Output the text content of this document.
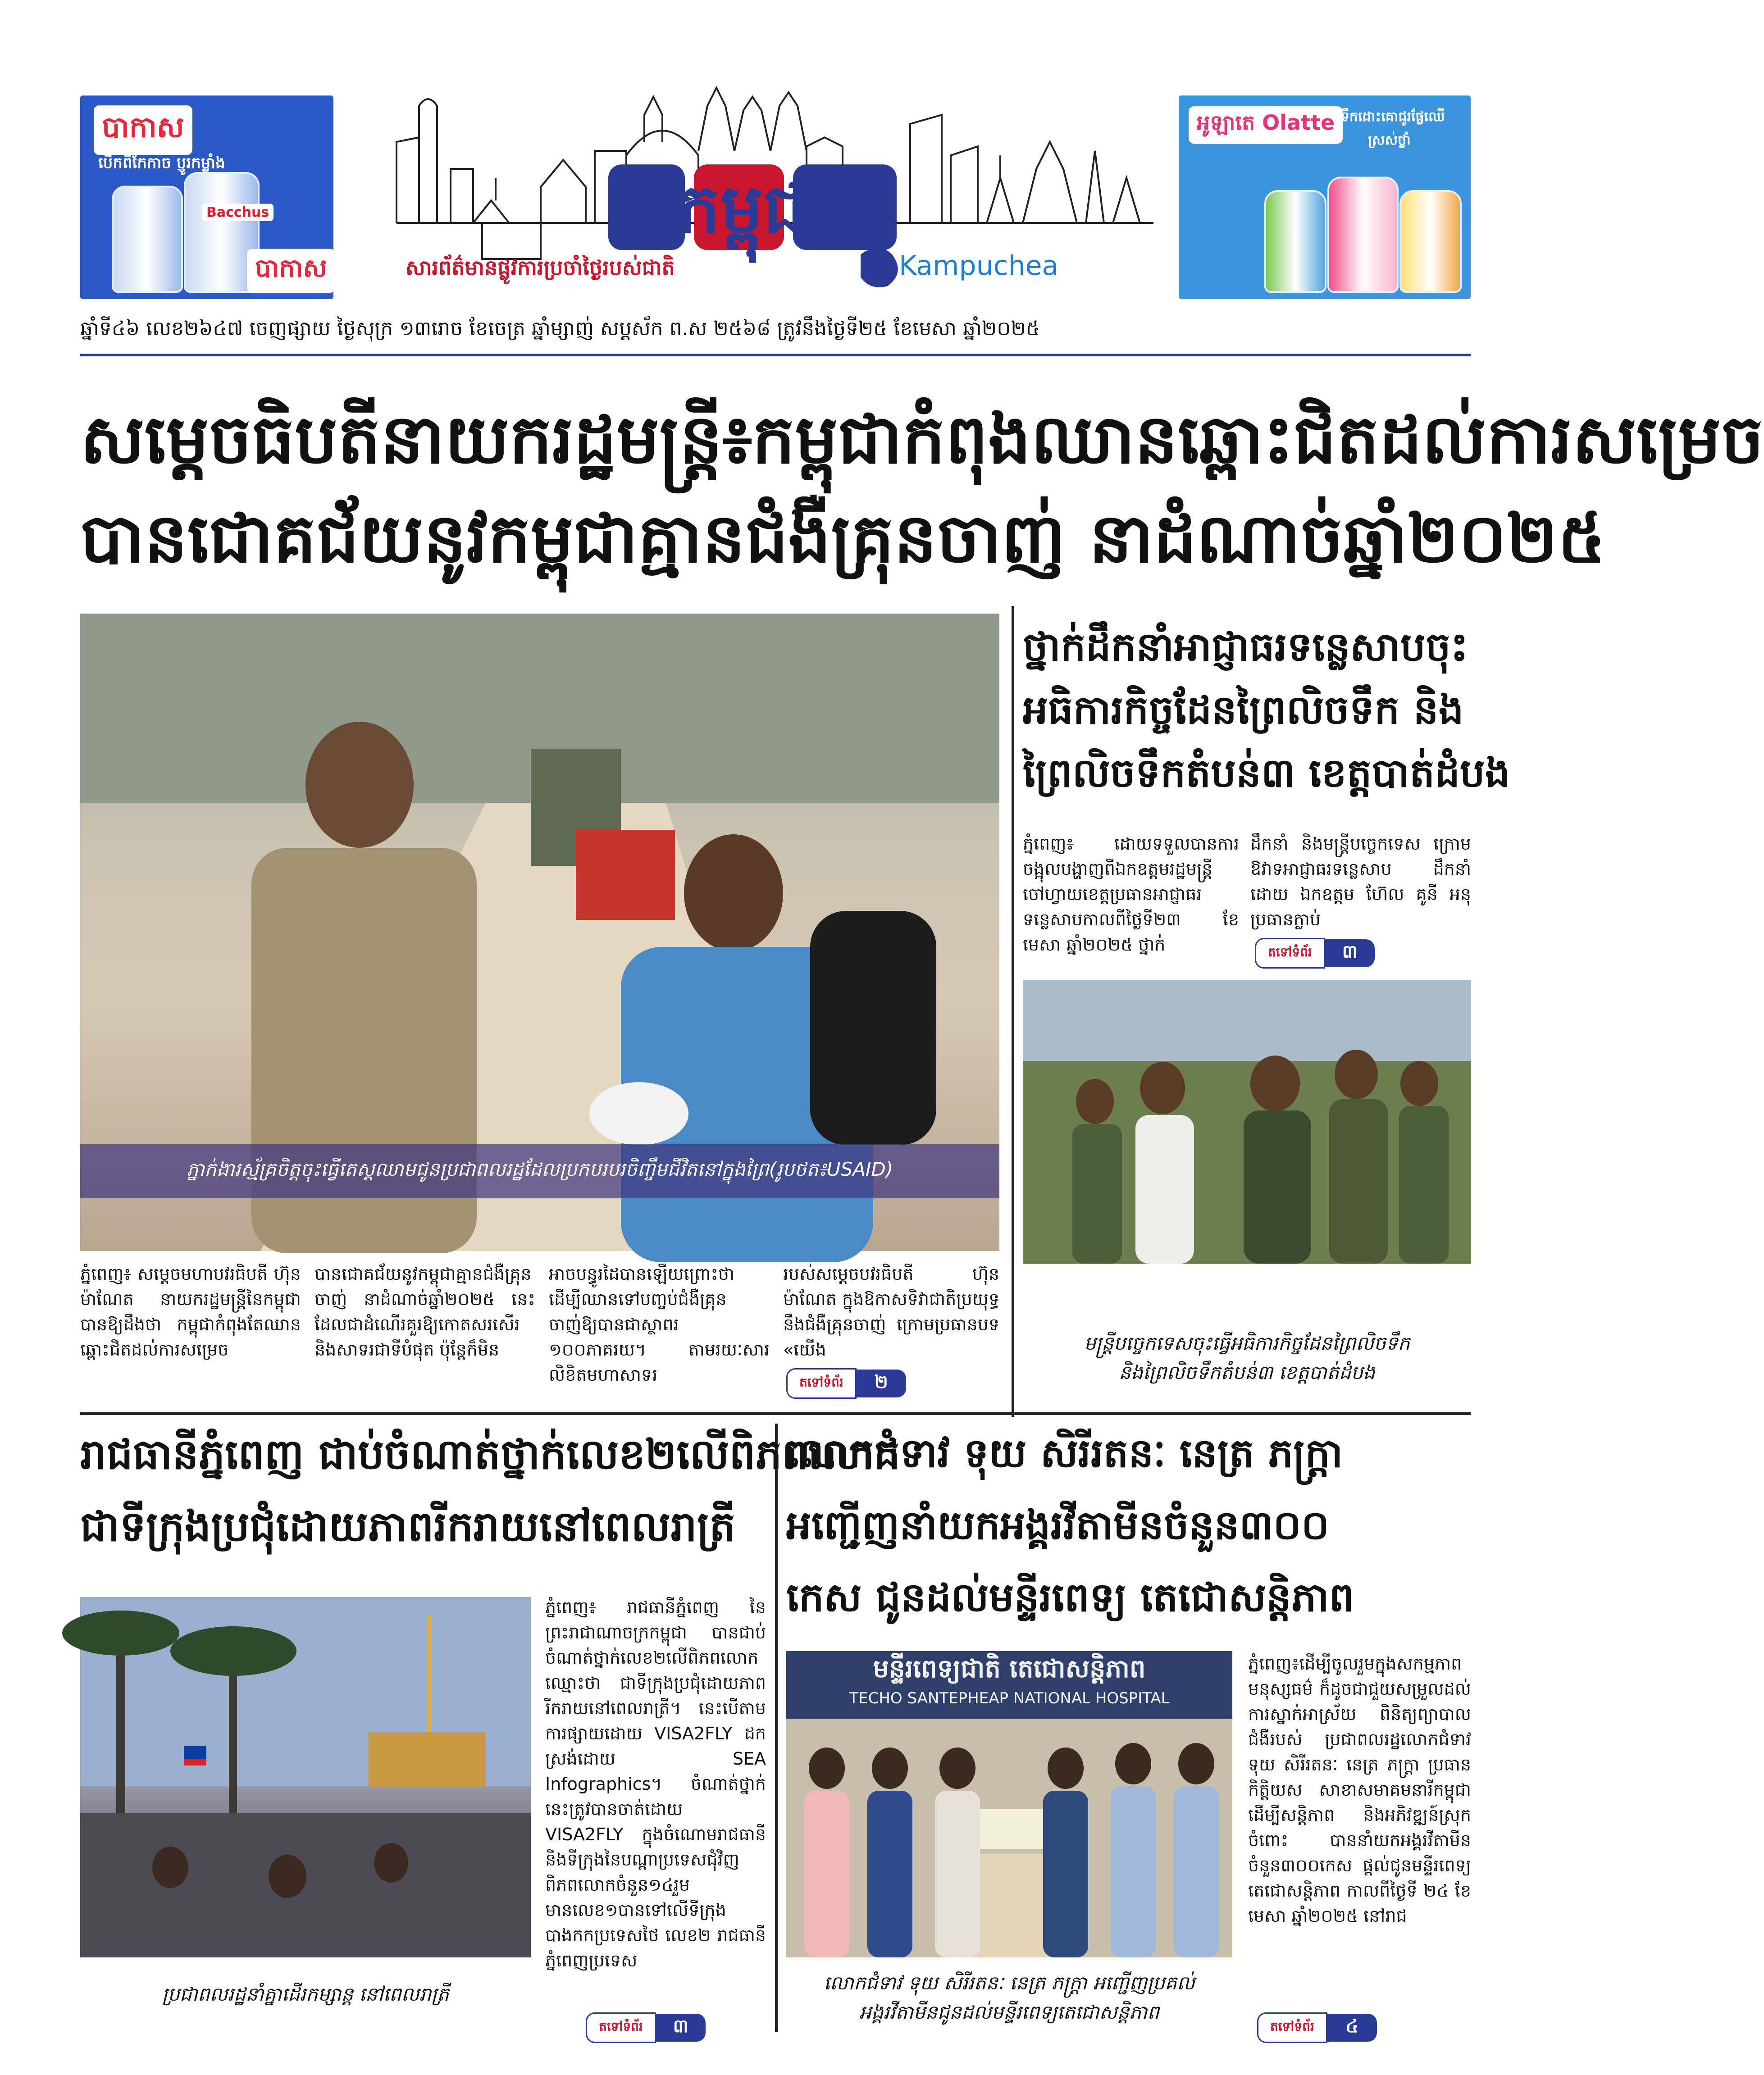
បាកាស
បើកពីកែកាច ប្ញូរកម្លាំង
Bacchus
បាកាស
កម្ពុជា
សារព័ត៌មានផ្លូវការប្រចាំថ្ងៃរបស់ជាតិ	Kampuchea
អូឡាតេ Olatte ទឹកដោះគោជូរផ្លែឈើ
ស្រស់ថ្លាំ
ឆ្នាំទី៤៦ លេខ២៦៤៧ ចេញផ្សាយ ថ្ងៃសុក្រ ១៣រោច ខែចេត្រ ឆ្នាំម្សាញ់ សប្តស័ក ព.ស ២៥៦៨ ត្រូវនឹងថ្ងៃទី២៥ ខែមេសា ឆ្នាំ២០២៥
សម្តេចធិបតីនាយករដ្ឋមន្ត្រី៖កម្ពុជាកំពុងឈានឆ្ពោះជិតដល់ការសម្រេច
បានជោគជ័យនូវកម្ពុជាគ្មានជំងឺគ្រុនចាញ់ នាដំណាច់ឆ្នាំ២០២៥
ភ្នាក់ងារស្ម័គ្រចិត្តចុះធ្វើតេស្តឈាមជូនប្រជាពលរដ្ឋដែលប្រកបរបរចិញ្ចឹមជីវិតនៅក្នុងព្រៃ(រូបថត៖USAID)
ភ្នំពេញ៖ សម្តេចមហាបវរធិបតី ហ៊ុន ម៉ាណែត នាយករដ្ឋមន្ត្រីនៃកម្ពុជា បានឱ្យដឹងថា កម្ពុជាកំពុងតែឈានឆ្ពោះជិតដល់ការសម្រេច
បានជោគជ័យនូវកម្ពុជាគ្មានជំងឺគ្រុនចាញ់ នាដំណាច់ឆ្នាំ២០២៥ នេះ ដែលជាដំណើរគួរឱ្យកោតសរសើរ និងសាទរជាទីបំផុត ប៉ុន្តែក៏មិន
អាចបន្ធូរដៃបានឡើយព្រោះថា ដើម្បីឈានទៅបញ្ចប់ជំងឺគ្រុនចាញ់ឱ្យបានជាស្ថាពរ ១០០ភាគរយ។ តាមរយៈសារលិខិតមហាសាទរ
របស់សម្តេចបវរធិបតី ហ៊ុន ម៉ាណែត ក្នុងឱកាសទិវាជាតិប្រយុទ្ធនឹងជំងឺគ្រុនចាញ់ ក្រោមប្រធានបទ «យើង
តទៅទំព័រ	២
ថ្នាក់ដឹកនាំអាជ្ញាធរទន្លេសាបចុះ
អធិការកិច្ចដែនព្រៃលិចទឹក និង
ព្រៃលិចទឹកតំបន់៣ ខេត្តបាត់ដំបង
ភ្នំពេញ៖ ដោយទទួលបានការចង្អុលបង្ហាញពីឯកឧត្តមរដ្ឋមន្ត្រី ចៅហ្វាយខេត្តប្រធានអាជ្ញាធរទន្លេសាបកាលពីថ្ងៃទី២៣ ខែមេសា ឆ្នាំ២០២៥ ថ្នាក់
ដឹកនាំ និងមន្ត្រីបច្ចេកទេស ក្រោមឱវាទអាជ្ញាធរទន្លេសាប ដឹកនាំដោយ ឯកឧត្តម ហ៊ែល គូនី អនុប្រធានក្លាប់
តទៅទំព័រ	៣
មន្ត្រីបច្ចេកទេសចុះធ្វើអធិការកិច្ចដែនព្រៃលិចទឹក
និងព្រៃលិចទឹកតំបន់៣ ខេត្តបាត់ដំបង
រាជធានីភ្នំពេញ ជាប់ចំណាត់ថ្នាក់លេខ២លើពិភពលោក
ជាទីក្រុងប្រជុំដោយភាពរីករាយនៅពេលរាត្រី
ប្រជាពលរដ្ឋនាំគ្នាដើរកម្សាន្ត នៅពេលរាត្រី
ភ្នំពេញ៖ រាជធានីភ្នំពេញ នៃព្រះរាជាណាចក្រកម្ពុជា បានជាប់ចំណាត់ថ្នាក់លេខ២លើពិភពលោក ឈ្មោះថា ជាទីក្រុងប្រជុំដោយភាពរីករាយនៅពេលរាត្រី។ នេះបើតាមការផ្សាយដោយ VISA2FLY ដកស្រង់ដោយ SEA Infographics។ ចំណាត់ថ្នាក់នេះត្រូវបានចាត់ដោយ VISA2FLY ក្នុងចំណោមរាជធានី និងទីក្រុងនៃបណ្តាប្រទេសជុំវិញពិភពលោកចំនួន១៤រួមមានលេខ១បានទៅលើទីក្រុងបាងកកប្រទេសថៃ លេខ២ រាជធានីភ្នំពេញប្រទេស
តទៅទំព័រ	៣
លោកជំទាវ ទុយ សិរីរតនៈ នេត្រ ភក្ត្រា
អញ្ជើញនាំយកអង្គរវីតាមីនចំនួន៣០០
កេស ជូនដល់មន្ទីរពេទ្យ តេជោសន្តិភាព
មន្ទីរពេទ្យជាតិ តេជោសន្តិភាព
TECHO SANTEPHEAP NATIONAL HOSPITAL
លោកជំទាវ ទុយ សិរីរតនៈ នេត្រ ភក្ត្រា អញ្ជើញប្រគល់
អង្គរវីតាមីនជូនដល់មន្ទីរពេទ្យតេជោសន្តិភាព
ភ្នំពេញ៖ដើម្បីចូលរួមក្នុងសកម្មភាពមនុស្សធម៌ ក៏ដូចជាជួយសម្រួលដល់ការស្នាក់អាស្រ័យ ពិនិត្យព្យាបាលជំងឺរបស់ ប្រជាពលរដ្ឋលោកជំទាវ ទុយ សិរីរតនៈ នេត្រ ភក្ត្រា ប្រធានកិត្តិយស សាខាសមាគមនារីកម្ពុជាដើម្បីសន្តិភាព និងអភិវឌ្ឍន៍ស្រុកចំពោះ បាននាំយកអង្គរវីតាមីន ចំនួន៣០០កេស ផ្តល់ជូនមន្ទីរពេទ្យតេជោសន្តិភាព កាលពីថ្ងៃទី ២៤ ខែមេសា ឆ្នាំ២០២៥ នៅរាជ
តទៅទំព័រ	៤
